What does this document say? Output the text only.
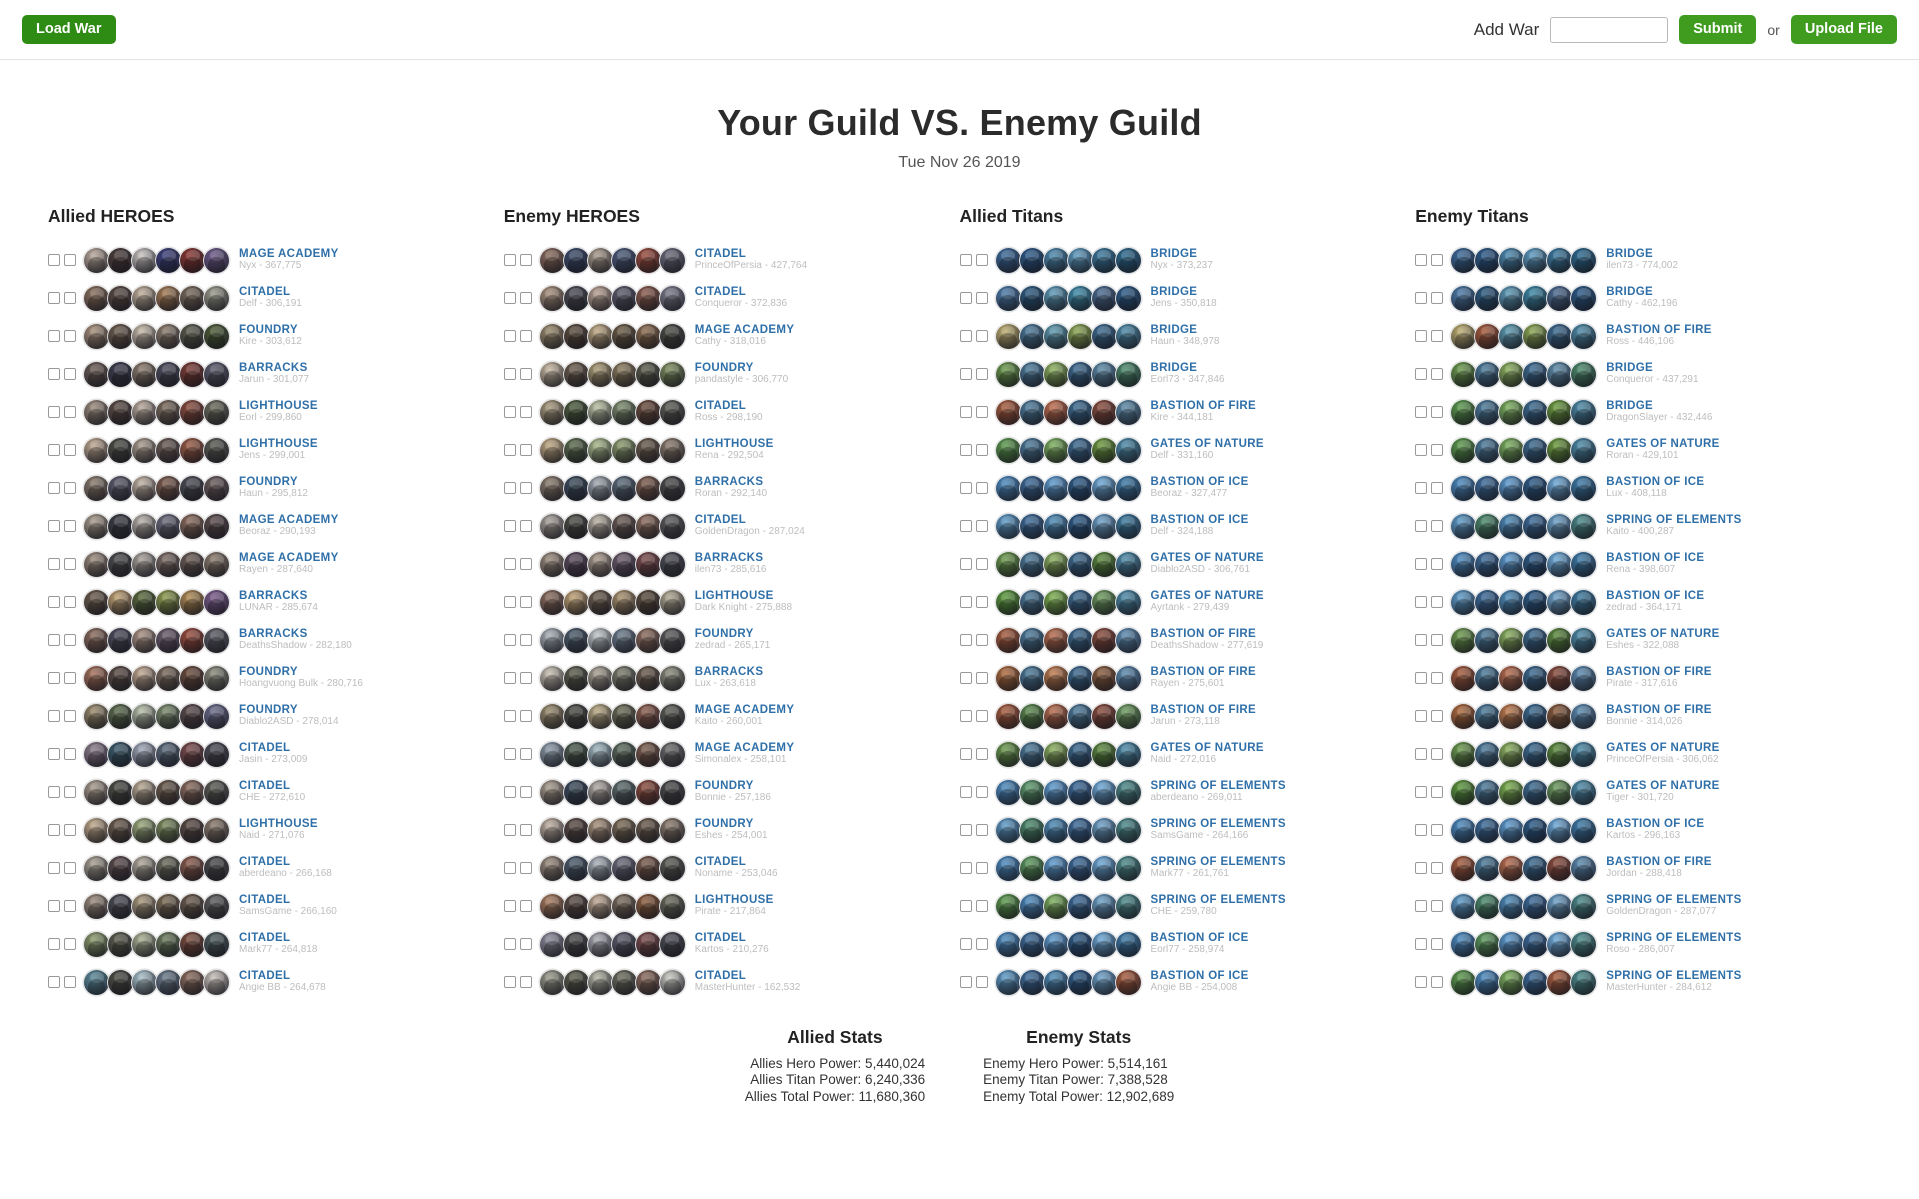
Load War	Add War	Submit	or	Upload File
Your Guild VS. Enemy Guild
Tue Nov 26 2019
Allied HEROES
MAGE ACADEMY
Nyx - 367,775
CITADEL
Delf - 306,191
FOUNDRY
Kire - 303,612
BARRACKS
Jarun - 301,077
LIGHTHOUSE
Eorl - 299,860
LIGHTHOUSE
Jens - 299,001
FOUNDRY
Haun - 295,812
MAGE ACADEMY
Beoraz - 290,193
MAGE ACADEMY
Rayen - 287,640
BARRACKS
LUNAR - 285,674
BARRACKS
DeathsShadow - 282,180
FOUNDRY
Hoangvuong Bulk - 280,716
FOUNDRY
Diablo2ASD - 278,014
CITADEL
Jasin - 273,009
CITADEL
CHE - 272,610
LIGHTHOUSE
Naid - 271,076
CITADEL
aberdeano - 266,168
CITADEL
SamsGame - 266,160
CITADEL
Mark77 - 264,818
CITADEL
Angie BB - 264,678
Enemy HEROES
CITADEL
PrinceOfPersia - 427,764
CITADEL
Conqueror - 372,836
MAGE ACADEMY
Cathy - 318,016
FOUNDRY
pandastyle - 306,770
CITADEL
Ross - 298,190
LIGHTHOUSE
Rena - 292,504
BARRACKS
Roran - 292,140
CITADEL
GoldenDragon - 287,024
BARRACKS
ilen73 - 285,616
LIGHTHOUSE
Dark Knight - 275,888
FOUNDRY
zedrad - 265,171
BARRACKS
Lux - 263,618
MAGE ACADEMY
Kaito - 260,001
MAGE ACADEMY
Simonalex - 258,101
FOUNDRY
Bonnie - 257,186
FOUNDRY
Eshes - 254,001
CITADEL
Noname - 253,046
LIGHTHOUSE
Pirate - 217,864
CITADEL
Kartos - 210,276
CITADEL
MasterHunter - 162,532
Allied Titans
BRIDGE
Nyx - 373,237
BRIDGE
Jens - 350,818
BRIDGE
Haun - 348,978
BRIDGE
Eorl73 - 347,846
BASTION OF FIRE
Kire - 344,181
GATES OF NATURE
Delf - 331,160
BASTION OF ICE
Beoraz - 327,477
BASTION OF ICE
Delf - 324,188
GATES OF NATURE
Diablo2ASD - 306,761
GATES OF NATURE
Ayrtank - 279,439
BASTION OF FIRE
DeathsShadow - 277,619
BASTION OF FIRE
Rayen - 275,601
BASTION OF FIRE
Jarun - 273,118
GATES OF NATURE
Naid - 272,016
SPRING OF ELEMENTS
aberdeano - 269,011
SPRING OF ELEMENTS
SamsGame - 264,166
SPRING OF ELEMENTS
Mark77 - 261,761
SPRING OF ELEMENTS
CHE - 259,780
BASTION OF ICE
Eorl77 - 258,974
BASTION OF ICE
Angie BB - 254,008
Enemy Titans
BRIDGE
ilen73 - 774,002
BRIDGE
Cathy - 462,196
BASTION OF FIRE
Ross - 446,106
BRIDGE
Conqueror - 437,291
BRIDGE
DragonSlayer - 432,446
GATES OF NATURE
Roran - 429,101
BASTION OF ICE
Lux - 408,118
SPRING OF ELEMENTS
Kaito - 400,287
BASTION OF ICE
Rena - 398,607
BASTION OF ICE
zedrad - 364,171
GATES OF NATURE
Eshes - 322,088
BASTION OF FIRE
Pirate - 317,616
BASTION OF FIRE
Bonnie - 314,026
GATES OF NATURE
PrinceOfPersia - 306,062
GATES OF NATURE
Tiger - 301,720
BASTION OF ICE
Kartos - 296,163
BASTION OF FIRE
Jordan - 288,418
SPRING OF ELEMENTS
GoldenDragon - 287,077
SPRING OF ELEMENTS
Roso - 286,007
SPRING OF ELEMENTS
MasterHunter - 284,612
Allied Stats
Allies Hero Power: 5,440,024
Allies Titan Power: 6,240,336
Allies Total Power: 11,680,360
Enemy Stats
Enemy Hero Power: 5,514,161
Enemy Titan Power: 7,388,528
Enemy Total Power: 12,902,689
